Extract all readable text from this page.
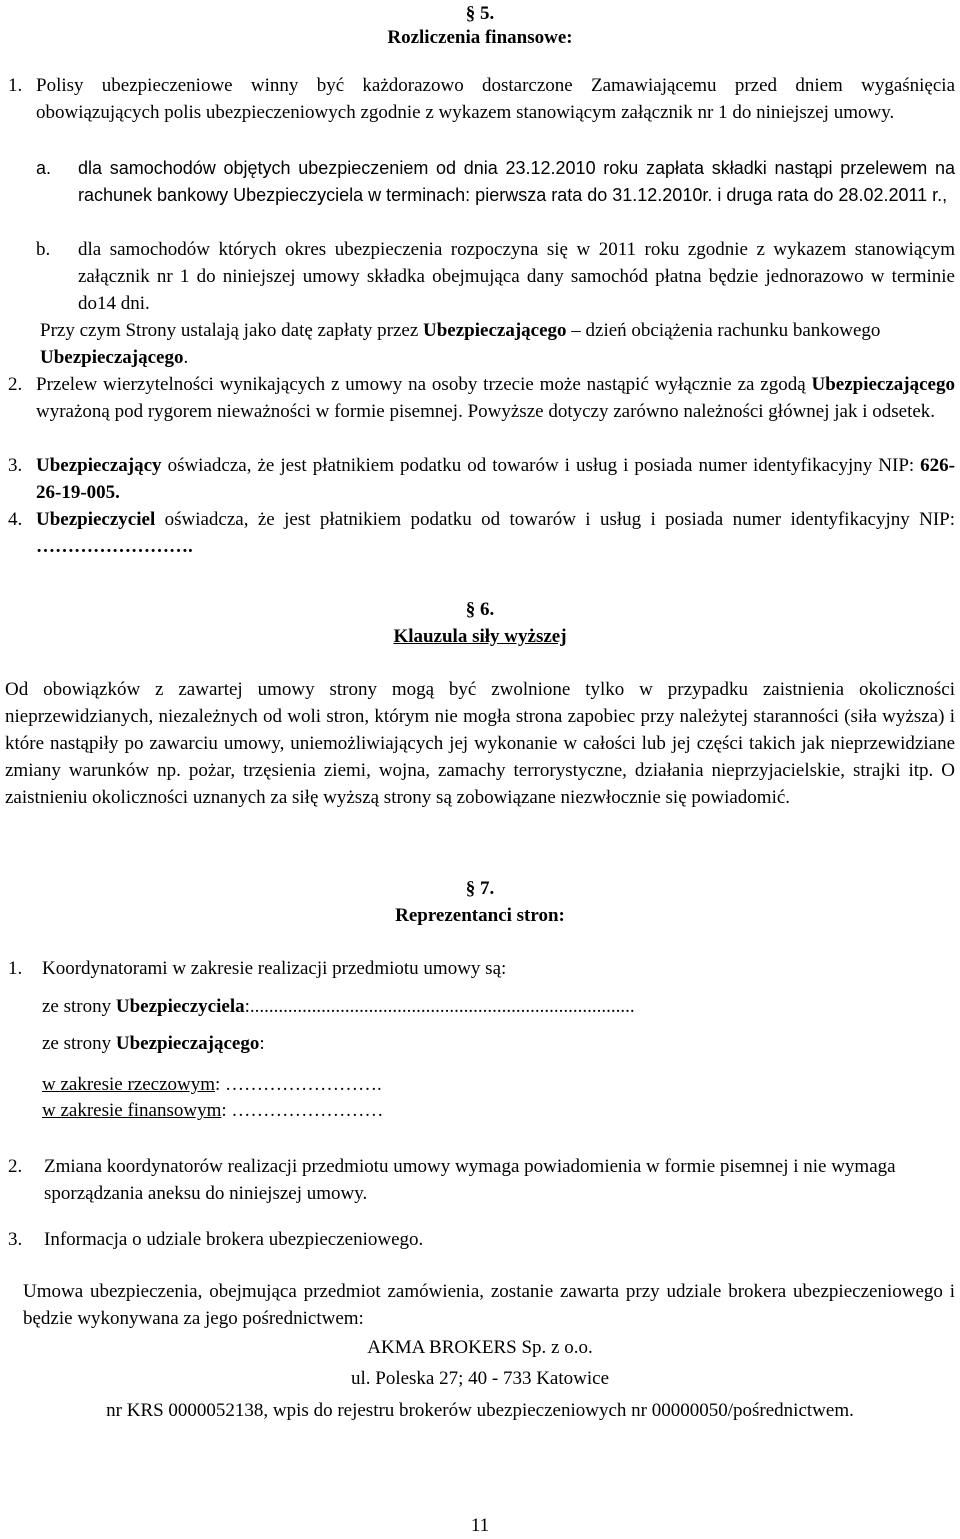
§ 5.
Rozliczenia finansowe:
1. Polisy ubezpieczeniowe winny być każdorazowo dostarczone Zamawiającemu przed dniem wygaśnięcia obowiązujących polis ubezpieczeniowych zgodnie z wykazem stanowiącym załącznik nr 1 do niniejszej umowy.
a. dla samochodów objętych ubezpieczeniem od dnia 23.12.2010 roku zapłata składki nastąpi przelewem na rachunek bankowy Ubezpieczyciela w terminach: pierwsza rata do 31.12.2010r. i druga rata do 28.02.2011 r.,
b. dla samochodów których okres ubezpieczenia rozpoczyna się w 2011 roku zgodnie z wykazem stanowiącym załącznik nr 1 do niniejszej umowy składka obejmująca dany samochód płatna będzie jednorazowo w terminie do14 dni.
Przy czym Strony ustalają jako datę zapłaty przez Ubezpieczającego – dzień obciążenia rachunku bankowego Ubezpieczającego.
2. Przelew wierzytelności wynikających z umowy na osoby trzecie może nastąpić wyłącznie za zgodą Ubezpieczającego wyrażoną pod rygorem nieważności w formie pisemnej. Powyższe dotyczy zarówno należności głównej jak i odsetek.
3. Ubezpieczający oświadcza, że jest płatnikiem podatku od towarów i usług i posiada numer identyfikacyjny NIP: 626-26-19-005.
4. Ubezpieczyciel oświadcza, że jest płatnikiem podatku od towarów i usług i posiada numer identyfikacyjny NIP: …………………….
§ 6.
Klauzula siły wyższej
Od obowiązków z zawartej umowy strony mogą być zwolnione tylko w przypadku zaistnienia okoliczności nieprzewidzianych, niezależnych od woli stron, którym nie mogła strona zapobiec przy należytej staranności (siła wyższa) i które nastąpiły po zawarciu umowy, uniemożliwiających jej wykonanie w całości lub jej części takich jak nieprzewidziane zmiany warunków np. pożar, trzęsienia ziemi, wojna, zamachy terrorystyczne, działania nieprzyjacielskie, strajki itp. O zaistnieniu okoliczności uznanych za siłę wyższą strony są zobowiązane niezwłocznie się powiadomić.
§ 7.
Reprezentanci stron:
1. Koordynatorami w zakresie realizacji przedmiotu umowy są:
ze strony Ubezpieczyciela:.................................................................................
ze strony Ubezpieczającego:
w zakresie rzeczowym: …………………….
w zakresie finansowym: ……………………
2. Zmiana koordynatorów realizacji przedmiotu umowy wymaga powiadomienia w formie pisemnej i nie wymaga sporządzania aneksu do niniejszej umowy.
3. Informacja o udziale brokera ubezpieczeniowego.
Umowa ubezpieczenia, obejmująca przedmiot zamówienia, zostanie zawarta przy udziale brokera ubezpieczeniowego i będzie wykonywana za jego pośrednictwem:
AKMA BROKERS Sp. z o.o.
ul. Poleska 27; 40 - 733 Katowice
nr KRS 0000052138, wpis do rejestru brokerów ubezpieczeniowych nr 00000050/pośrednictwem.
11
